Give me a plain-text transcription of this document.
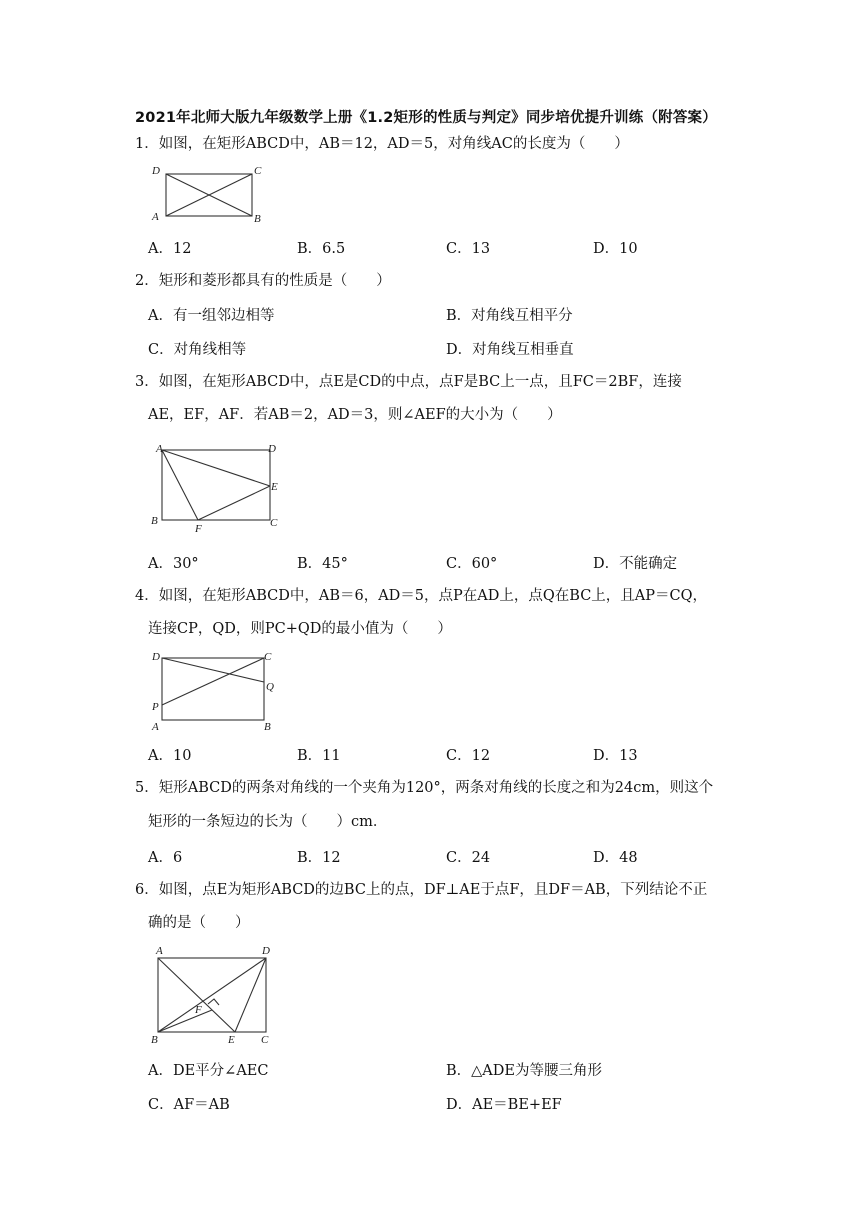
2021年北师大版九年级数学上册《1.2矩形的性质与判定》同步培优提升训练（附答案）
1．如图，在矩形ABCD中，AB＝12，AD＝5，对角线AC的长度为（　　）
D	C
A	B
A．12	B．6.5	C．13	D．10
2．矩形和菱形都具有的性质是（　　）
A．有一组邻边相等	B．对角线互相平分
C．对角线相等	D．对角线互相垂直
3．如图，在矩形ABCD中，点E是CD的中点，点F是BC上一点，且FC＝2BF，连接
AE，EF，AF．若AB＝2，AD＝3，则∠AEF的大小为（　　）
A	D
E
B
F	C
A．30°	B．45°	C．60°	D．不能确定
4．如图，在矩形ABCD中，AB＝6，AD＝5，点P在AD上，点Q在BC上，且AP＝CQ，
连接CP，QD，则PC+QD的最小值为（　　）
D	C
Q
P
A	B
A．10	B．11	C．12	D．13
5．矩形ABCD的两条对角线的一个夹角为120°，两条对角线的长度之和为24cm，则这个
矩形的一条短边的长为（　　）cm．
A．6	B．12	C．24	D．48
6．如图，点E为矩形ABCD的边BC上的点，DF⊥AE于点F，且DF＝AB，下列结论不正
确的是（　　）
A	D
F
B	E C
A．DE平分∠AEC	B．△ADE为等腰三角形
C．AF＝AB	D．AE＝BE+EF
